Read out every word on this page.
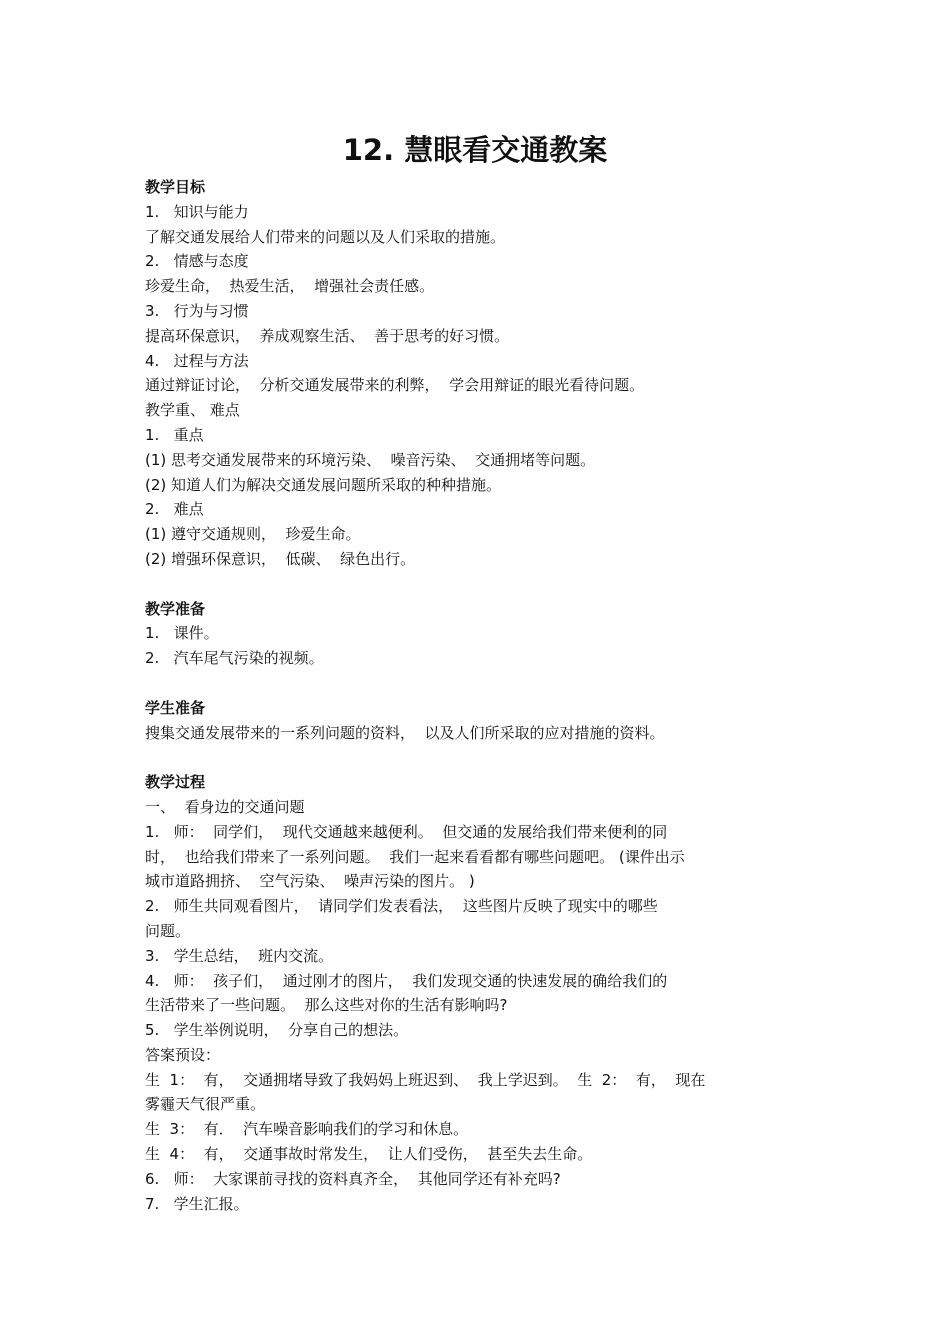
12. 慧眼看交通教案

教学目标

1.   知识与能力

了解交通发展给人们带来的问题以及人们采取的措施。

2.   情感与态度

珍爱生命，  热爱生活，  增强社会责任感。

3.   行为与习惯

提高环保意识，  养成观察生活、  善于思考的好习惯。

4.   过程与方法

通过辩证讨论，  分析交通发展带来的利弊，  学会用辩证的眼光看待问题。

教学重、 难点

1.   重点

(1) 思考交通发展带来的环境污染、  噪音污染、  交通拥堵等问题。

(2) 知道人们为解决交通发展问题所采取的种种措施。

2.   难点

(1) 遵守交通规则，  珍爱生命。

(2) 增强环保意识，  低碳、  绿色出行。

教学准备

1.   课件。

2.   汽车尾气污染的视频。

学生准备

搜集交通发展带来的一系列问题的资料，  以及人们所采取的应对措施的资料。

教学过程

一、  看身边的交通问题

1.   师：  同学们，  现代交通越来越便利。  但交通的发展给我们带来便利的同

时，  也给我们带来了一系列问题。  我们一起来看看都有哪些问题吧。 (课件出示

城市道路拥挤、  空气污染、  噪声污染的图片。 )

2.   师生共同观看图片，  请同学们发表看法，  这些图片反映了现实中的哪些

问题。

3.   学生总结，  班内交流。

4.   师：  孩子们，  通过刚才的图片，  我们发现交通的快速发展的确给我们的

生活带来了一些问题。  那么这些对你的生活有影响吗?

5.   学生举例说明，  分享自己的想法。

答案预设：

生  1：  有，  交通拥堵导致了我妈妈上班迟到、  我上学迟到。  生  2：  有，  现在

雾霾天气很严重。

生  3：  有．  汽车噪音影响我们的学习和休息。

生  4：  有，  交通事故时常发生，  让人们受伤，  甚至失去生命。

6.   师：  大家课前寻找的资料真齐全，  其他同学还有补充吗?

7.   学生汇报。
